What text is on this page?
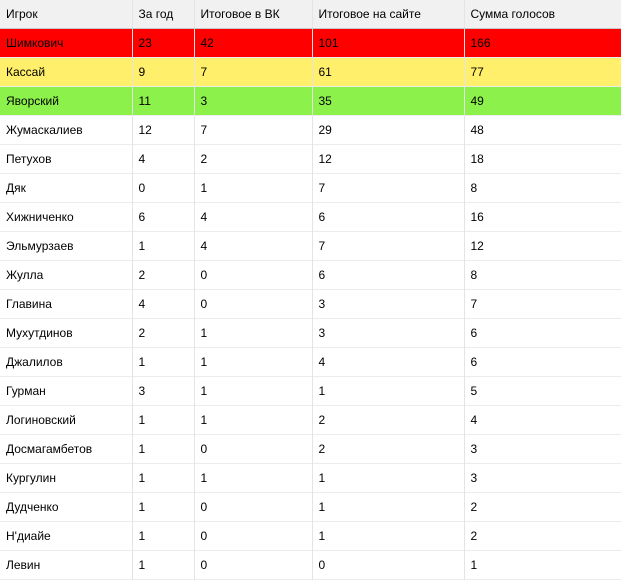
Игрок	За год	Итоговое в ВК	Итоговое на сайте	Сумма голосов
Шимкович	23	42	101	166
Кассай	9	7	61	77
Яворский	11	3	35	49
Жумаскалиев	12	7	29	48
Петухов	4	2	12	18
Дяк	0	1	7	8
Хижниченко	6	4	6	16
Эльмурзаев	1	4	7	12
Жулла	2	0	6	8
Главина	4	0	3	7
Мухутдинов	2	1	3	6
Джалилов	1	1	4	6
Гурман	3	1	1	5
Логиновский	1	1	2	4
Досмагамбетов	1	0	2	3
Кургулин	1	1	1	3
Дудченко	1	0	1	2
Н'диайе	1	0	1	2
Левин	1	0	0	1
